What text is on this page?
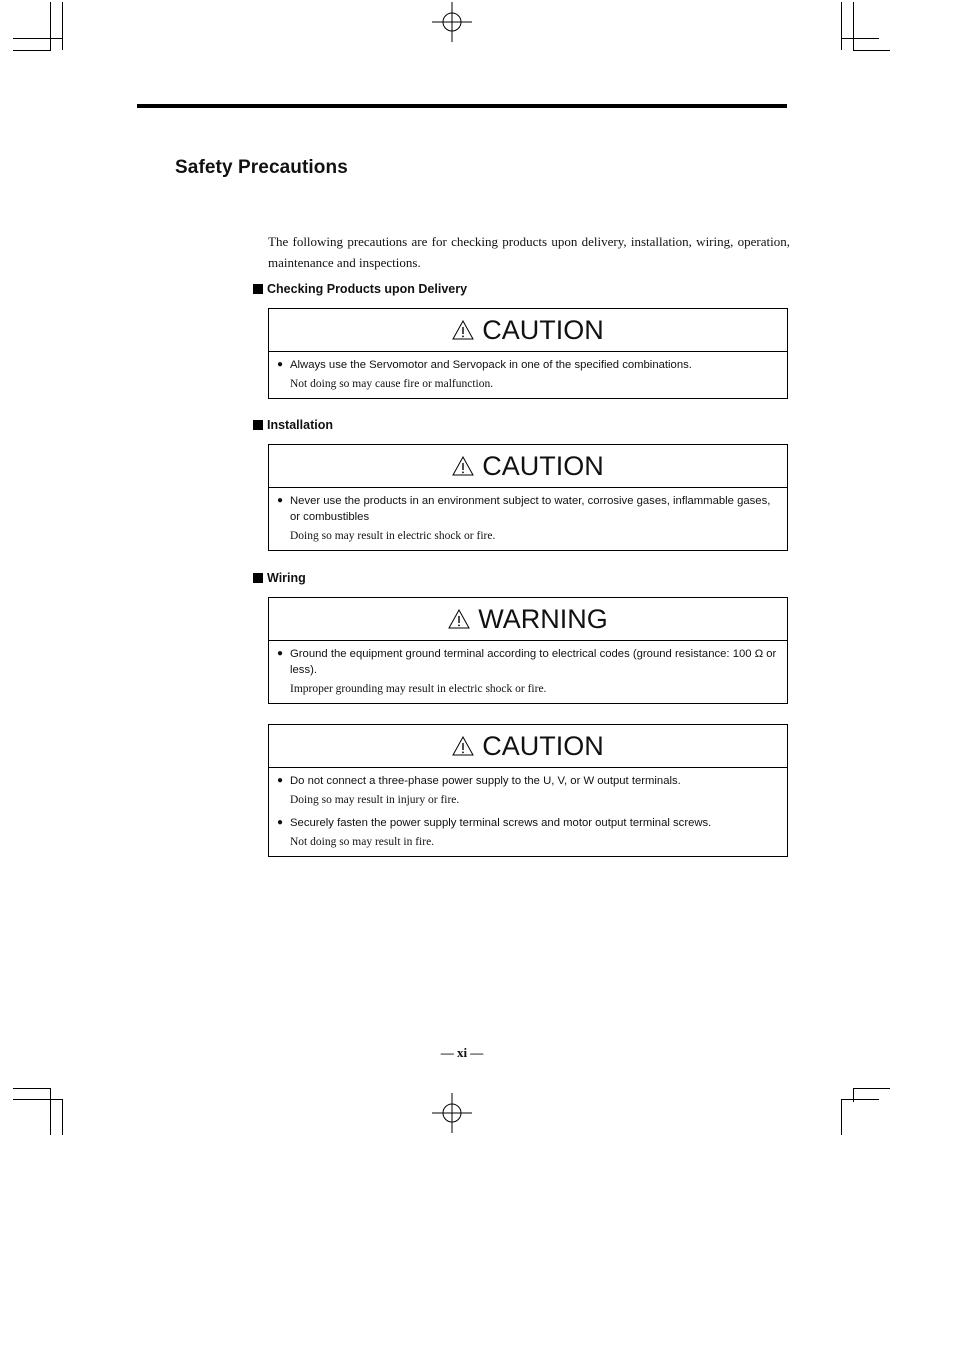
Safety Precautions
The following precautions are for checking products upon delivery, installation, wiring, operation, maintenance and inspections.
Checking Products upon Delivery
CAUTION
● Always use the Servomotor and Servopack in one of the specified combinations.
Not doing so may cause fire or malfunction.
Installation
CAUTION
● Never use the products in an environment subject to water, corrosive gases, inflammable gases, or combustibles
Doing so may result in electric shock or fire.
Wiring
WARNING
● Ground the equipment ground terminal according to electrical codes (ground resistance: 100 Ω or less).
Improper grounding may result in electric shock or fire.
CAUTION
● Do not connect a three-phase power supply to the U, V, or W output terminals.
Doing so may result in injury or fire.
● Securely fasten the power supply terminal screws and motor output terminal screws.
Not doing so may result in fire.
— xi —
